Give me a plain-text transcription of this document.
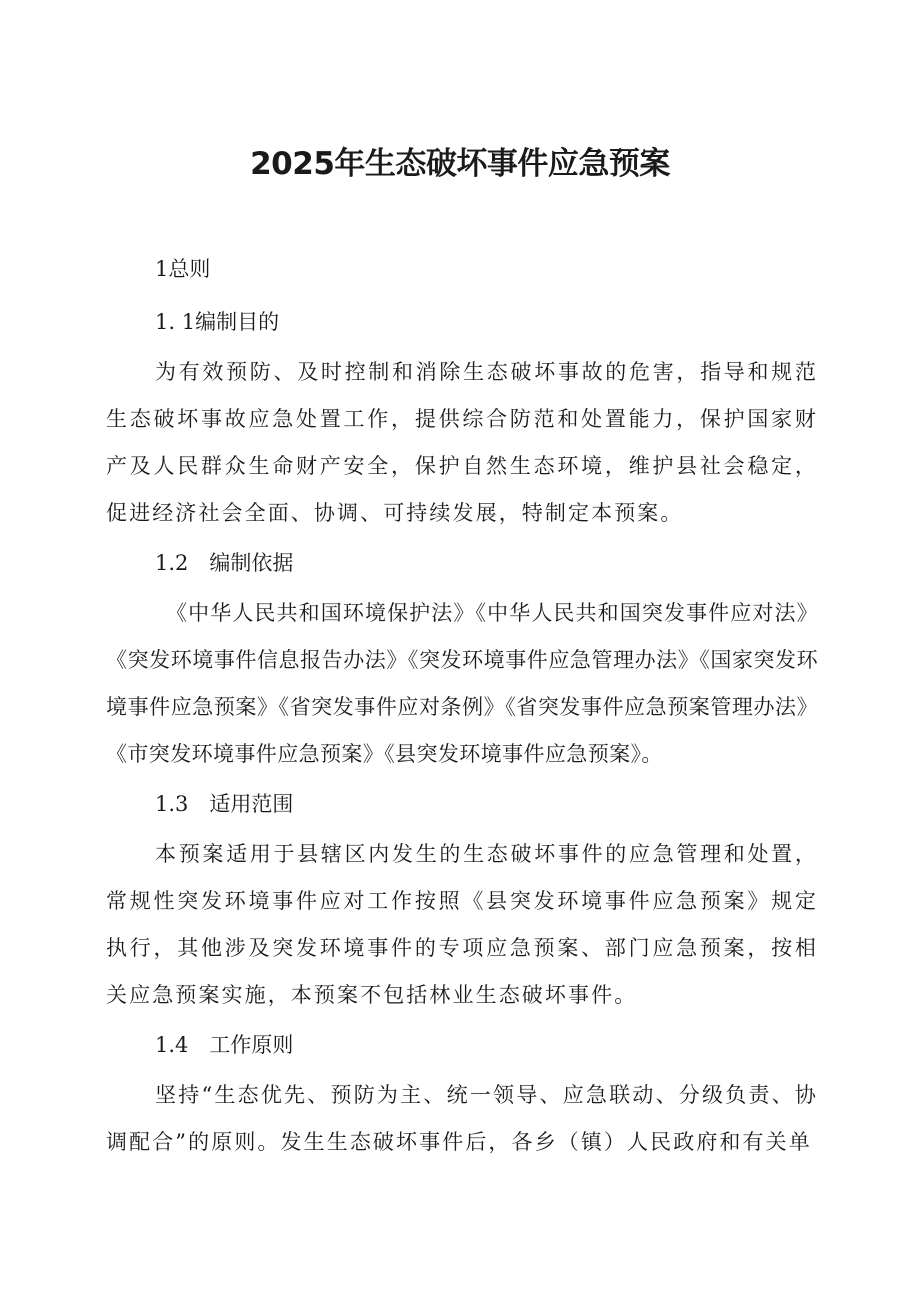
2025年生态破坏事件应急预案
1总则
1. 1编制目的

为有效预防、及时控制和消除生态破坏事故的危害，指导和规范生态破坏事故应急处置工作，提供综合防范和处置能力，保护国家财产及人民群众生命财产安全，保护自然生态环境，维护县社会稳定，促进经济社会全面、协调、可持续发展，特制定本预案。

1.2　编制依据

《中华人民共和国环境保护法》《中华人民共和国突发事件应对法》《突发环境事件信息报告办法》《突发环境事件应急管理办法》《国家突发环境事件应急预案》《省突发事件应对条例》《省突发事件应急预案管理办法》《市突发环境事件应急预案》《县突发环境事件应急预案》。

1.3　适用范围

本预案适用于县辖区内发生的生态破坏事件的应急管理和处置，常规性突发环境事件应对工作按照《县突发环境事件应急预案》规定执行，其他涉及突发环境事件的专项应急预案、部门应急预案，按相关应急预案实施，本预案不包括林业生态破坏事件。

1.4　工作原则

坚持“生态优先、预防为主、统一领导、应急联动、分级负责、协调配合”的原则。发生生态破坏事件后，各乡（镇）人民政府和有关单
